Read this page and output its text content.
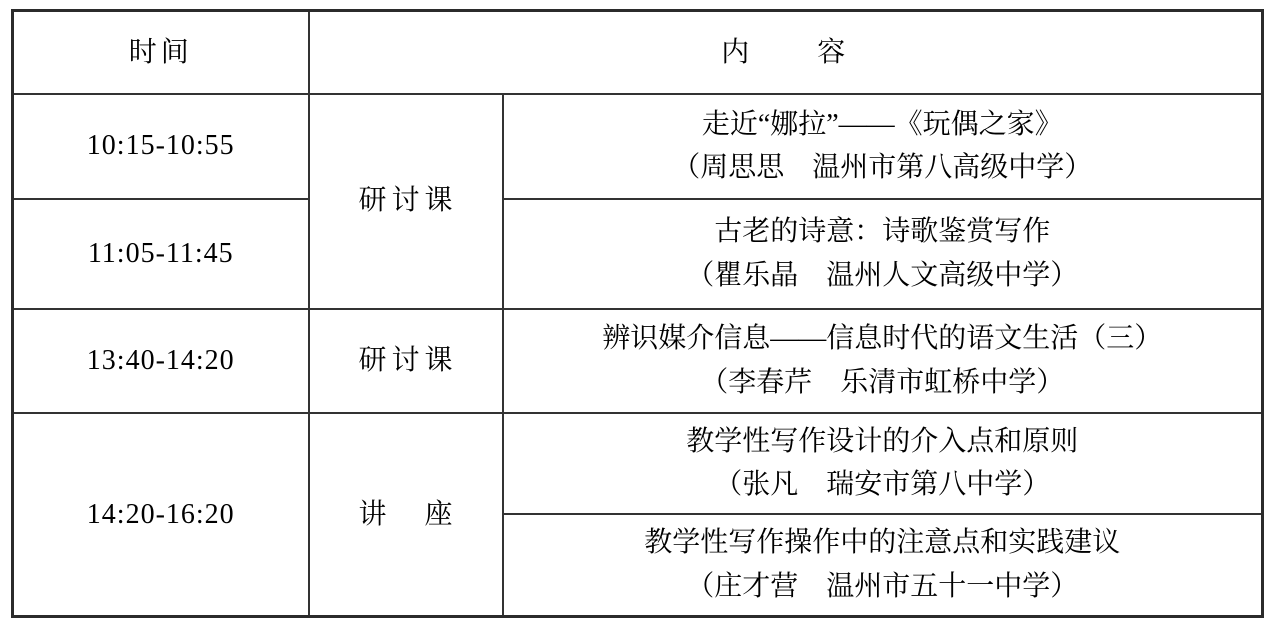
时间	内　　容	
10:15-10:55	研讨课	走近“娜拉”——《玩偶之家》
（周思思　温州市第八高级中学）

11:05-11:45		古老的诗意：诗歌鉴赏写作
（瞿乐晶　温州人文高级中学）

13:40-14:20	研讨课	辨识媒介信息——信息时代的语文生活（三）
（李春芹　乐清市虹桥中学）

14:20-16:20	讲　座	教学性写作设计的介入点和原则
（张凡　瑞安市第八中学）

		教学性写作操作中的注意点和实践建议
（庄才营　温州市五十一中学）
